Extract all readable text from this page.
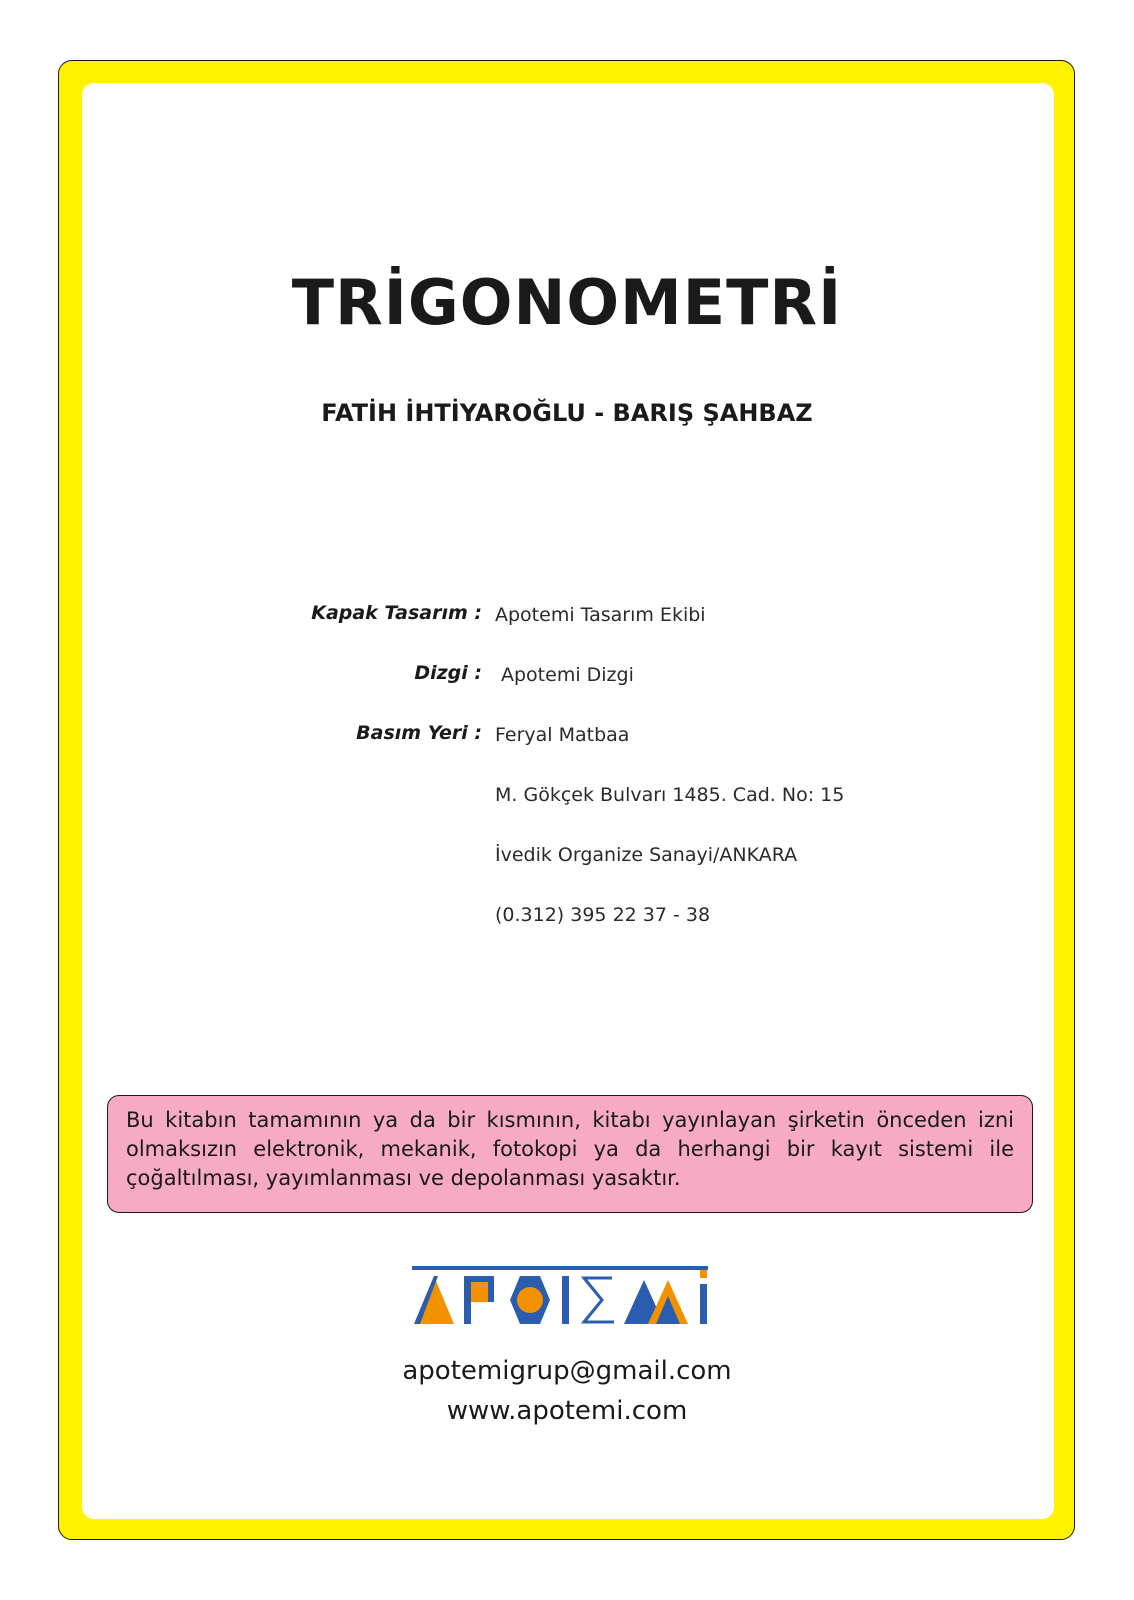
TRİGONOMETRİ
FATİH İHTİYAROĞLU - BARIŞ ŞAHBAZ
Kapak Tasarım : Apotemi Tasarım Ekibi
Dizgi : Apotemi Dizgi
Basım Yeri : Feryal Matbaa
M. Gökçek Bulvarı 1485. Cad. No: 15
İvedik Organize Sanayi/ANKARA
(0.312) 395 22 37 - 38
Bu kitabın tamamının ya da bir kısmının, kitabı yayınlayan şirketin önceden izni olmaksızın elektronik, mekanik, fotokopi ya da herhangi bir kayıt sistemi ile çoğaltılması, yayımlanması ve depolanması yasaktır.
apotemigrup@gmail.com
www.apotemi.com
